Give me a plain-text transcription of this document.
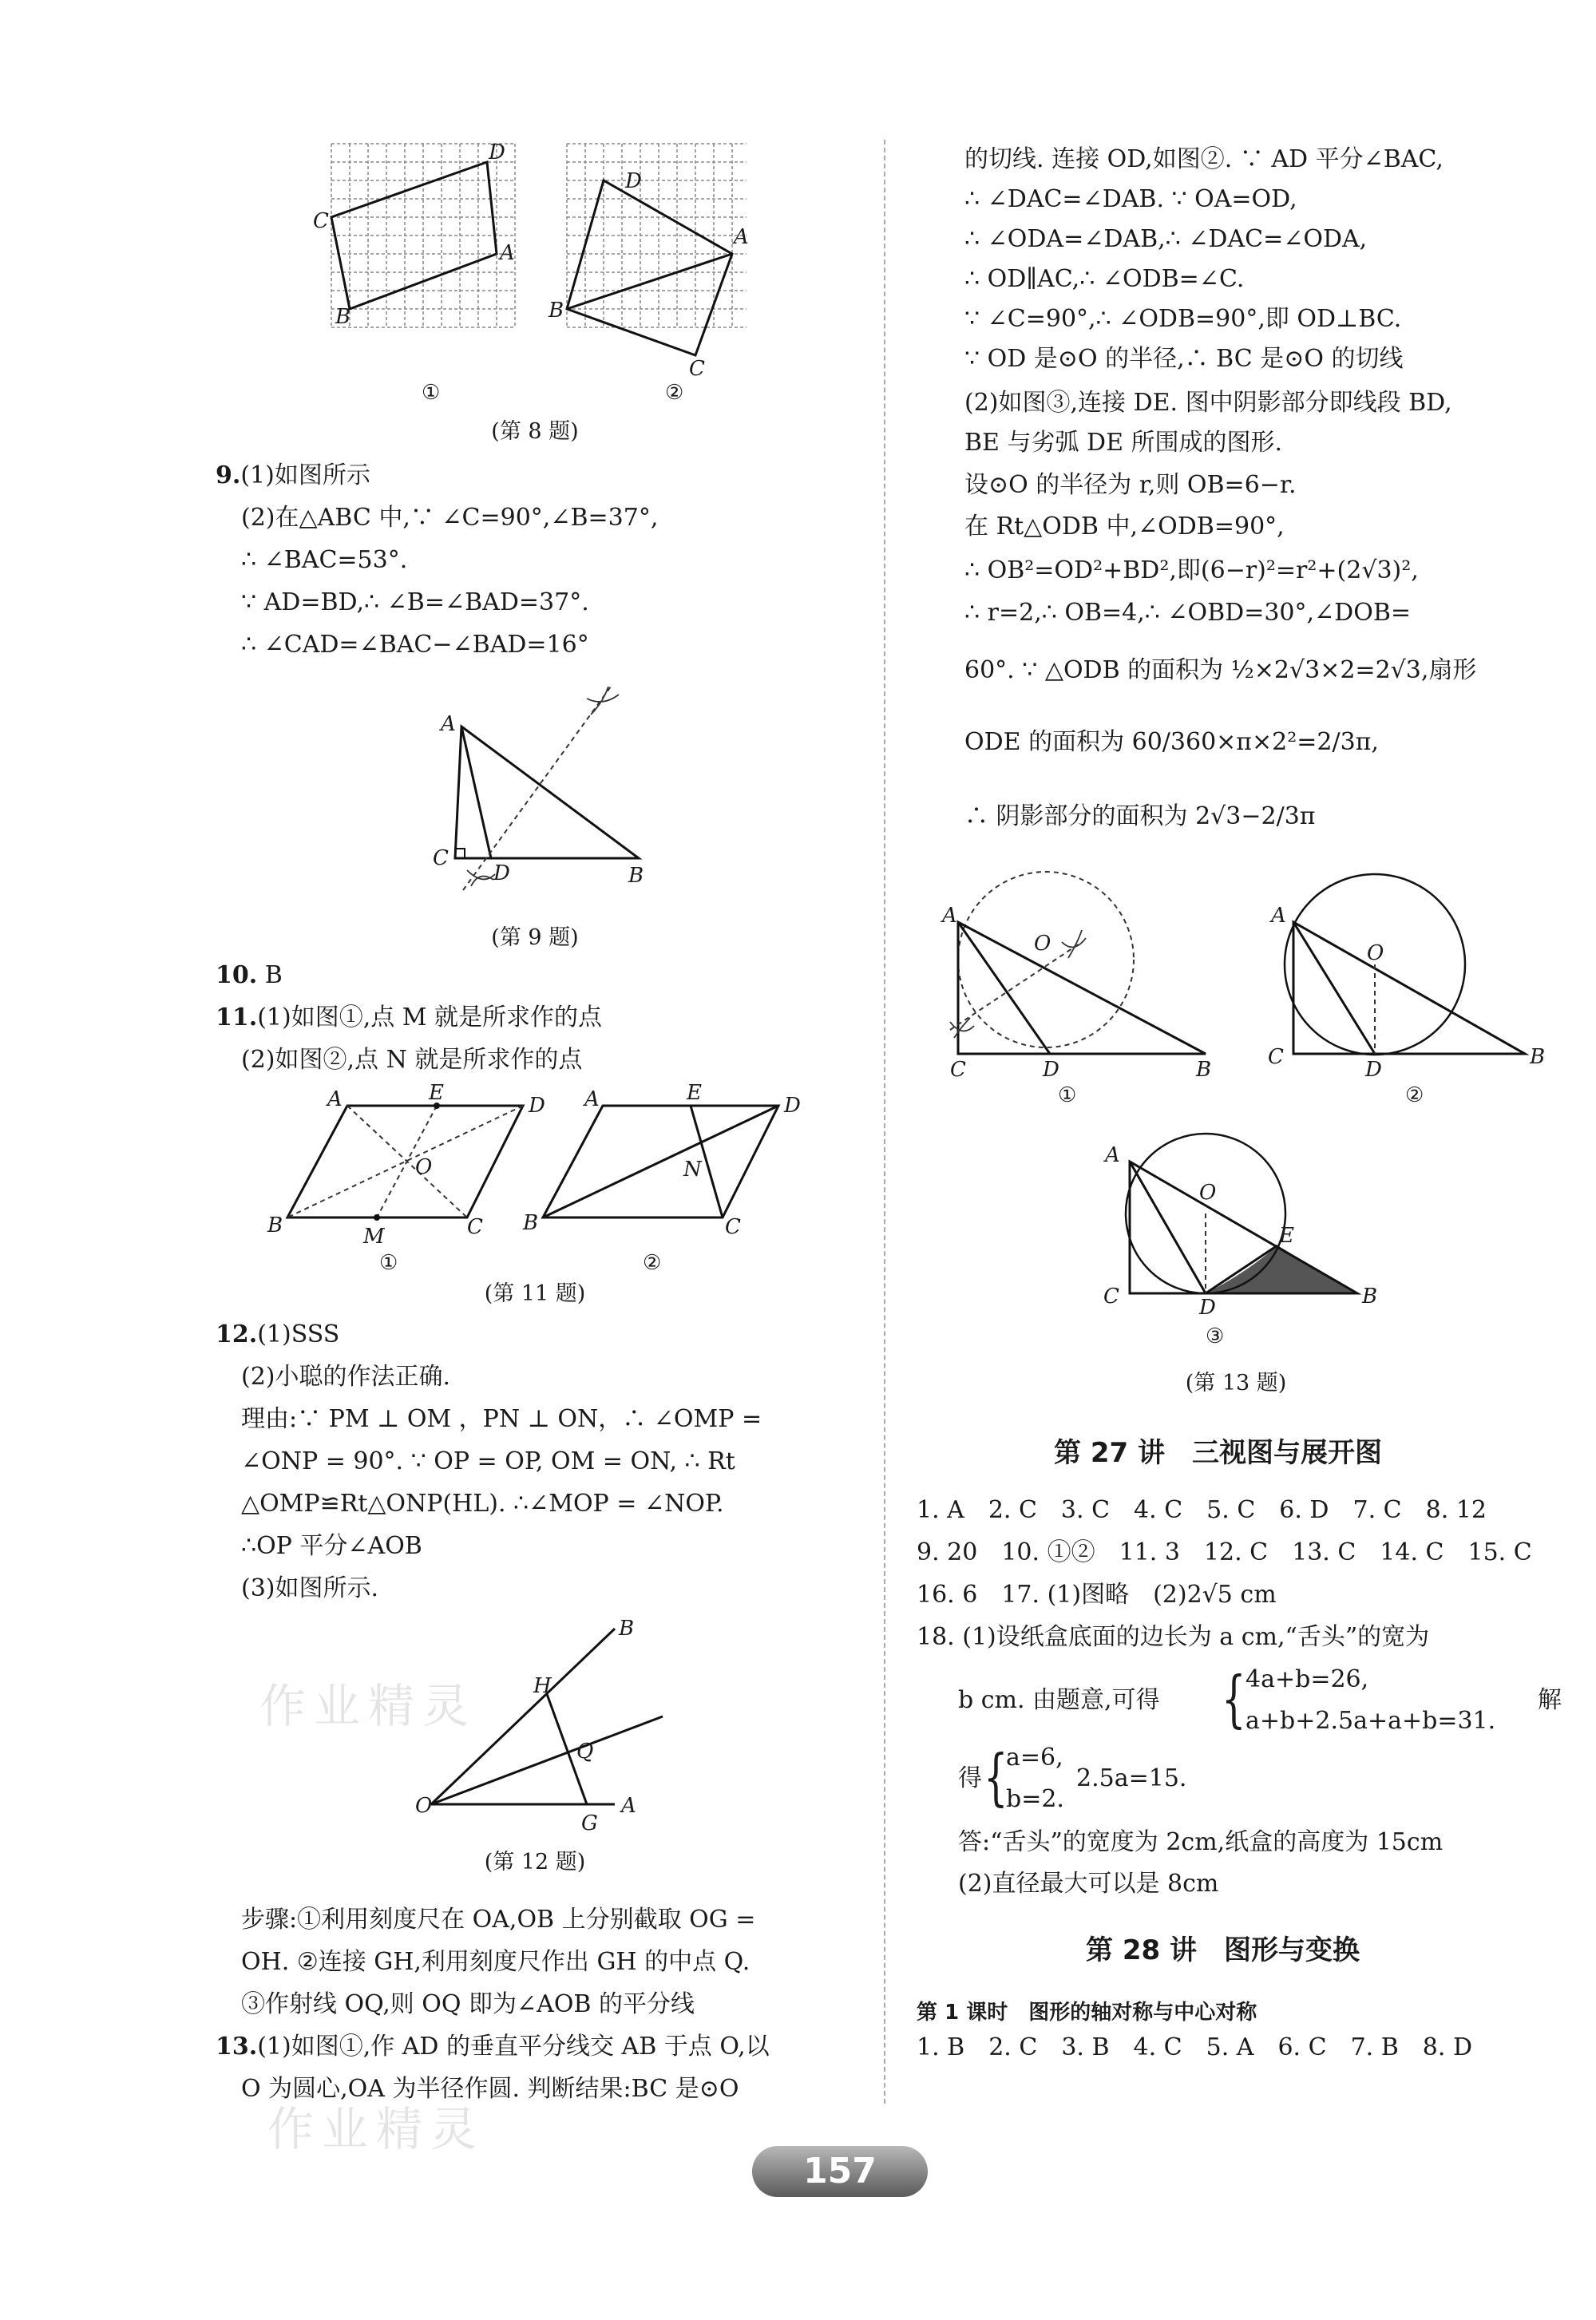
D
C
A
B
①
D
A
B
C
②
(第 8 题)
9.(1)如图所示
(2)在△ABC 中,∵ ∠C=90°,∠B=37°,
∴ ∠BAC=53°.
∵ AD=BD,∴ ∠B=∠BAD=37°.
∴ ∠CAD=∠BAC−∠BAD=16°
A
C
D	B
(第 9 题)
10. B
11.(1)如图①,点 M 就是所求作的点
(2)如图②,点 N 就是所求作的点
A	E
D
O
B	M	C
①
A	E
D
N
B	C
②
(第 11 题)
12.(1)SSS
(2)小聪的作法正确.
理由:∵ PM ⊥ OM ，PN ⊥ ON，∴ ∠OMP =
∠ONP = 90°. ∵ OP = OP, OM = ON, ∴ Rt
△OMP≌Rt△ONP(HL). ∴∠MOP = ∠NOP.
∴OP 平分∠AOB
(3)如图所示.
作业精灵
B
H
Q
O
G
A
(第 12 题)
步骤:①利用刻度尺在 OA,OB 上分别截取 OG =
OH. ②连接 GH,利用刻度尺作出 GH 的中点 Q.
③作射线 OQ,则 OQ 即为∠AOB 的平分线
13.(1)如图①,作 AD 的垂直平分线交 AB 于点 O,以
O 为圆心,OA 为半径作圆. 判断结果:BC 是⊙O
作业精灵
的切线. 连接 OD,如图②. ∵ AD 平分∠BAC,
∴ ∠DAC=∠DAB. ∵ OA=OD,
∴ ∠ODA=∠DAB,∴ ∠DAC=∠ODA,
∴ OD∥AC,∴ ∠ODB=∠C.
∵ ∠C=90°,∴ ∠ODB=90°,即 OD⊥BC.
∵ OD 是⊙O 的半径,∴ BC 是⊙O 的切线
(2)如图③,连接 DE. 图中阴影部分即线段 BD,
BE 与劣弧 DE 所围成的图形.
设⊙O 的半径为 r,则 OB=6−r.
在 Rt△ODB 中,∠ODB=90°,
∴ OB²=OD²+BD²,即(6−r)²=r²+(2√3)²,
∴ r=2,∴ OB=4,∴ ∠OBD=30°,∠DOB=
60°. ∵ △ODB 的面积为 ½×2√3×2=2√3,扇形
ODE 的面积为 60/360×π×2²=2/3π,
∴ 阴影部分的面积为 2√3−2/3π
A
O
C	D	B
①
A
O
C
D
B
②
A
O
E
C	D	B
③
(第 13 题)
第 27 讲　三视图与展开图
1. A　2. C　3. C　4. C　5. C　6. D　7. C　8. 12
9. 20　10. ①②　11. 3　12. C　13. C　14. C　15. C
16. 6　17. (1)图略　(2)2√5 cm
18. (1)设纸盒底面的边长为 a cm,“舌头”的宽为
b cm. 由题意,可得 { 4a+b=26,
a+b+2.5a+a+b=31.
解
得 {
a=6,
b=2.
2.5a=15.
答:“舌头”的宽度为 2cm,纸盒的高度为 15cm
(2)直径最大可以是 8cm
第 28 讲　图形与变换
第 1 课时　图形的轴对称与中心对称
1. B　2. C　3. B　4. C　5. A　6. C　7. B　8. D
157
